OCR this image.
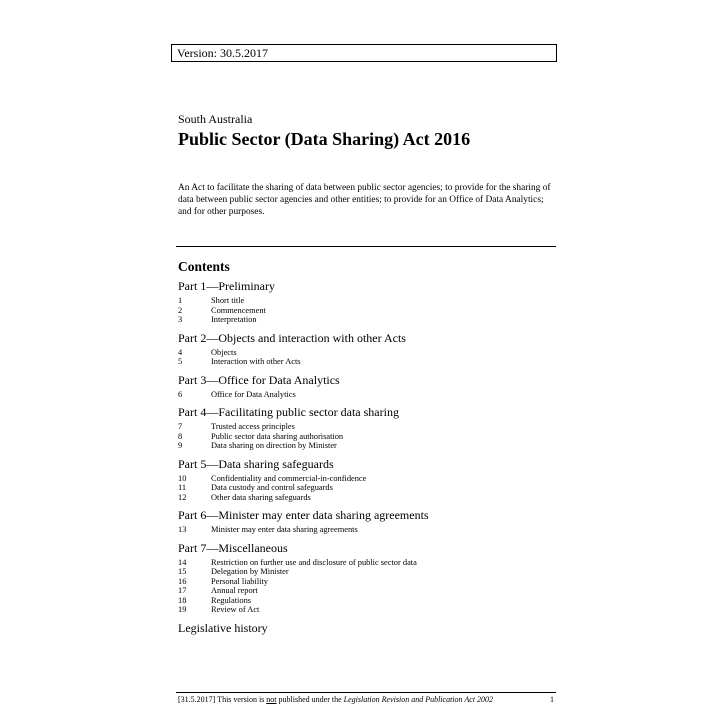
Version: 30.5.2017
South Australia
Public Sector (Data Sharing) Act 2016

An Act to facilitate the sharing of data between public sector agencies; to provide for the sharing of data between public sector agencies and other entities; to provide for an Office of Data Analytics; and for other purposes.

Contents
Part 1—Preliminary
1	Short title
2	Commencement
3	Interpretation
Part 2—Objects and interaction with other Acts
4	Objects
5	Interaction with other Acts
Part 3—Office for Data Analytics
6	Office for Data Analytics
Part 4—Facilitating public sector data sharing
7	Trusted access principles
8	Public sector data sharing authorisation
9	Data sharing on direction by Minister
Part 5—Data sharing safeguards
10	Confidentiality and commercial-in-confidence
11	Data custody and control safeguards
12	Other data sharing safeguards
Part 6—Minister may enter data sharing agreements
13	Minister may enter data sharing agreements
Part 7—Miscellaneous
14	Restriction on further use and disclosure of public sector data
15	Delegation by Minister
16	Personal liability
17	Annual report
18	Regulations
19	Review of Act
Legislative history
[31.5.2017] This version is not published under the Legislation Revision and Publication Act 2002	1
